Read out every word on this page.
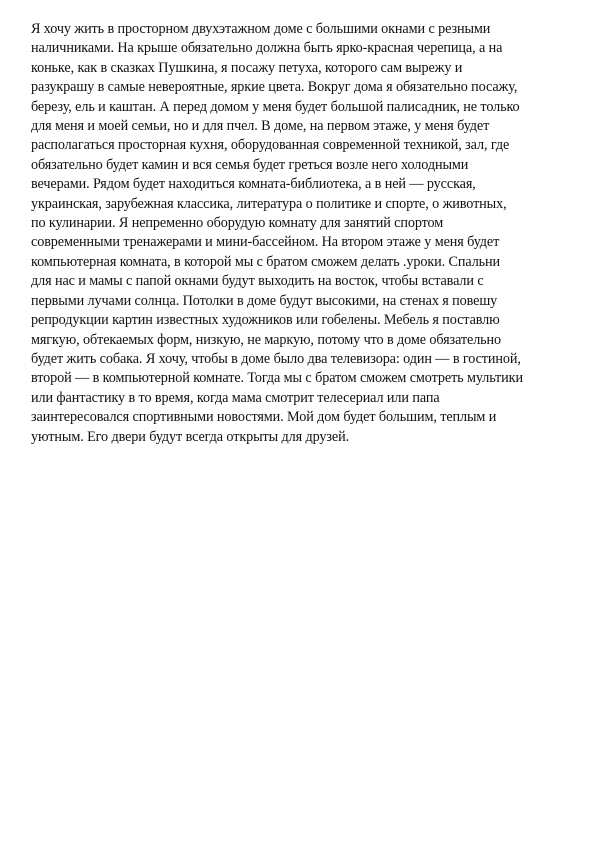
Я хочу жить в просторном двухэтажном доме с большими окнами с резными
наличниками. На крыше обязательно должна быть ярко-красная черепица, а на
коньке, как в сказках Пушкина, я посажу петуха, которого сам вырежу и
разукрашу в самые невероятные, яркие цвета. Вокруг дома я обязательно посажу,
березу, ель и каштан. А перед домом у меня будет большой палисадник, не только
для меня и моей семьи, но и для пчел. В доме, на первом этаже, у меня будет
располагаться просторная кухня, оборудованная современной техникой, зал, где
обязательно будет камин и вся семья будет греться возле него холодными
вечерами. Рядом будет находиться комната-библиотека, а в ней — русская,
украинская, зарубежная классика, литература о политике и спорте, о животных,
по кулинарии. Я непременно оборудую комнату для занятий спортом
современными тренажерами и мини-бассейном. На втором этаже у меня будет
компьютерная комната, в которой мы с братом сможем делать .уроки. Спальни
для нас и мамы с папой окнами будут выходить на восток, чтобы вставали с
первыми лучами солнца. Потолки в доме будут высокими, на стенах я повешу
репродукции картин известных художников или гобелены. Мебель я поставлю
мягкую, обтекаемых форм, низкую, не маркую, потому что в доме обязательно
будет жить собака. Я хочу, чтобы в доме было два телевизора: один — в гостиной,
второй — в компьютерной комнате. Тогда мы с братом сможем смотреть мультики
или фантастику в то время, когда мама смотрит телесериал или папа
заинтересовался спортивными новостями. Мой дом будет большим, теплым и
уютным. Его двери будут всегда открыты для друзей.
